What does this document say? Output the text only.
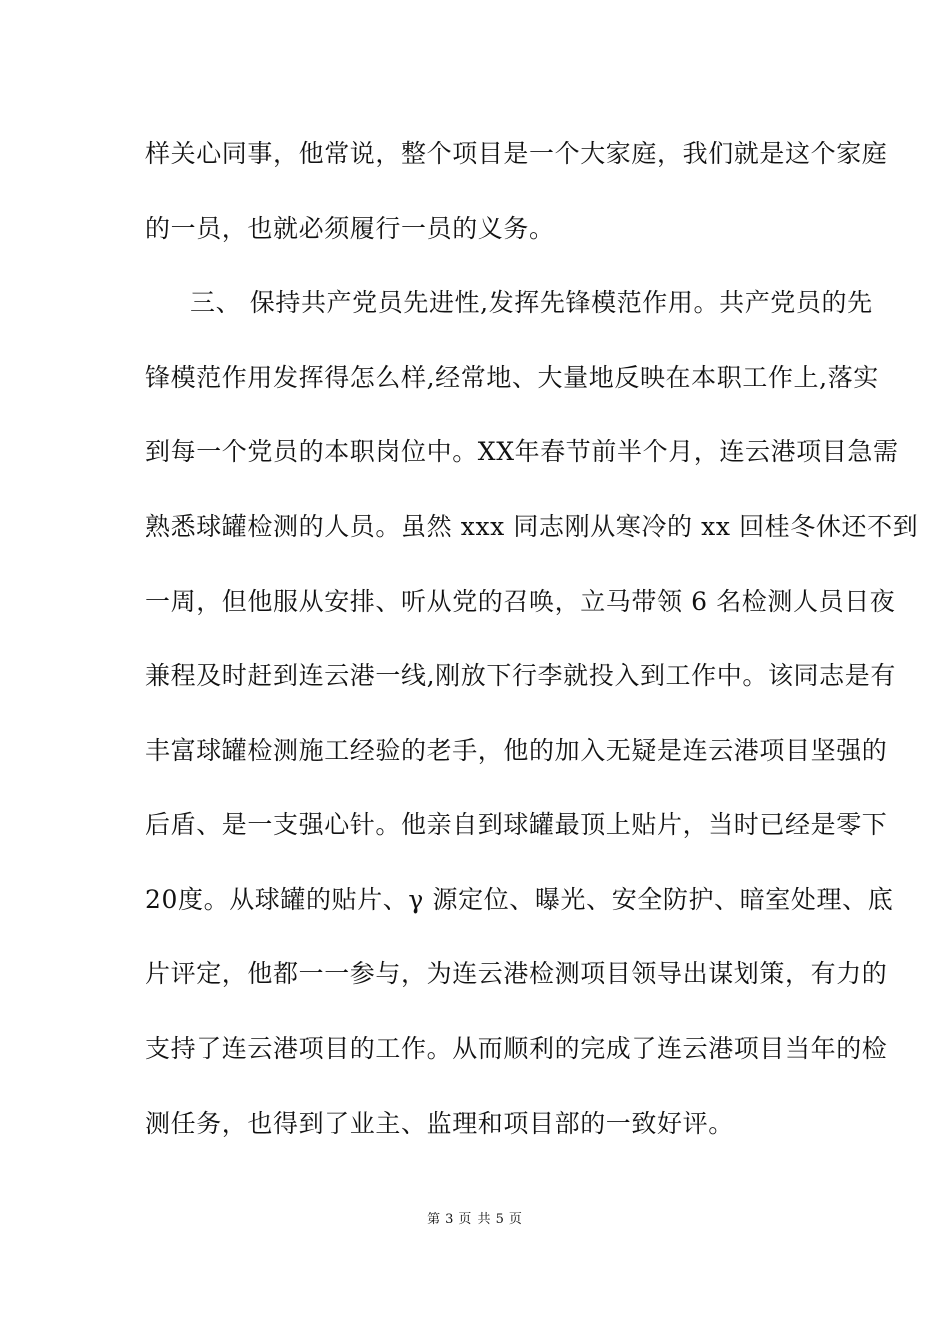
样关心同事，他常说，整个项目是一个大家庭，我们就是这个家庭
的一员，也就必须履行一员的义务。
三、 保持共产党员先进性,发挥先锋模范作用。共产党员的先
锋模范作用发挥得怎么样,经常地、大量地反映在本职工作上,落实
到每一个党员的本职岗位中。XX年春节前半个月，连云港项目急需
熟悉球罐检测的人员。虽然 xxx 同志刚从寒冷的 xx 回桂冬休还不到
一周，但他服从安排、听从党的召唤，立马带领 6 名检测人员日夜
兼程及时赶到连云港一线,刚放下行李就投入到工作中。该同志是有
丰富球罐检测施工经验的老手，他的加入无疑是连云港项目坚强的
后盾、是一支强心针。他亲自到球罐最顶上贴片，当时已经是零下
20度。从球罐的贴片、γ 源定位、曝光、安全防护、暗室处理、底
片评定，他都一一参与，为连云港检测项目领导出谋划策，有力的
支持了连云港项目的工作。从而顺利的完成了连云港项目当年的检
测任务，也得到了业主、监理和项目部的一致好评。
第 3 页 共 5 页
